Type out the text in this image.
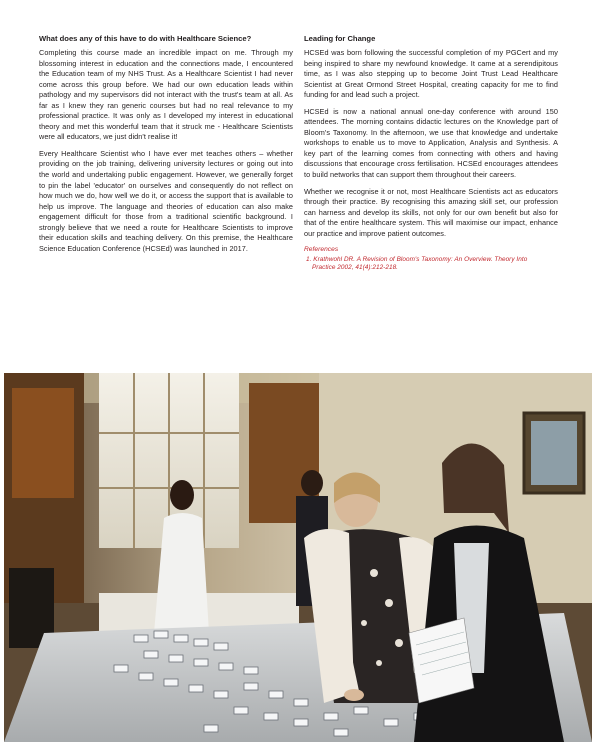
What does any of this have to do with Healthcare Science?

Completing this course made an incredible impact on me. Through my blossoming interest in education and the connections made, I encountered the Education team of my NHS Trust. As a Healthcare Scientist I had never come across this group before. We had our own education leads within pathology and my supervisors did not interact with the trust's team at all. As far as I knew they ran generic courses but had no real relevance to my professional practice. It was only as I developed my interest in educational theory and met this wonderful team that it struck me - Healthcare Scientists were all educators, we just didn't realise it!

Every Healthcare Scientist who I have ever met teaches others – whether providing on the job training, delivering university lectures or going out into the world and undertaking public engagement. However, we generally forget to pin the label 'educator' on ourselves and consequently do not reflect on how much we do, how well we do it, or access the support that is available to help us improve. The language and theories of education can also make engagement difficult for those from a traditional scientific background. I strongly believe that we need a route for Healthcare Scientists to improve their education skills and teaching delivery. On this premise, the Healthcare Science Education Conference (HCSEd) was launched in 2017.

Leading for Change

HCSEd was born following the successful completion of my PGCert and my being inspired to share my newfound knowledge. It came at a serendipitous time, as I was also stepping up to become Joint Trust Lead Healthcare Scientist at Great Ormond Street Hospital, creating capacity for me to find funding for and lead such a project.

HCSEd is now a national annual one-day conference with around 150 attendees. The morning contains didactic lectures on the Knowledge part of Bloom's Taxonomy. In the afternoon, we use that knowledge and undertake workshops to enable us to move to Application, Analysis and Synthesis. A key part of the learning comes from connecting with others and having discussions that encourage cross fertilisation. HCSEd encourages attendees to build networks that can support them throughout their careers.

Whether we recognise it or not, most Healthcare Scientists act as educators through their practice. By recognising this amazing skill set, our profession can harness and develop its skills, not only for our own benefit but also for that of the entire healthcare system. This will maximise our impact, enhance our practice and improve patient outcomes.

References

1. Krathwohl DR. A Revision of Bloom's Taxonomy: An Overview. Theory Into

Practice 2002, 41(4):212-218.
